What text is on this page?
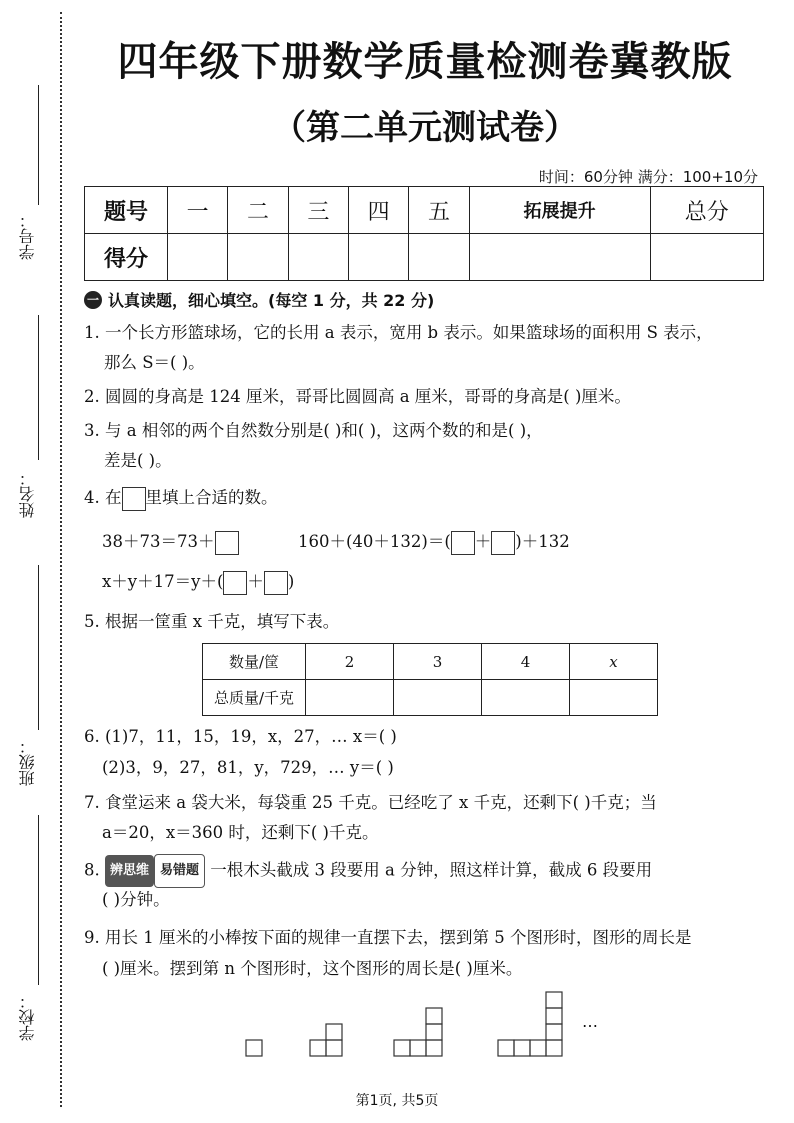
学号：
姓名：
班级：
学校：
四年级下册数学质量检测卷冀教版
（第二单元测试卷）
时间：60分钟 满分：100+10分
题号	一	二	三	四	五	拓展提升	总分
得分							
一 认真读题，细心填空。(每空 1 分，共 22 分)
1. 一个长方形篮球场，它的长用 a 表示，宽用 b 表示。如果篮球场的面积用 S 表示，
那么 S＝( )。
2. 圆圆的身高是 124 厘米，哥哥比圆圆高 a 厘米，哥哥的身高是( )厘米。
3. 与 a 相邻的两个自然数分别是( )和( )，这两个数的和是( )，
差是( )。
4. 在 里填上合适的数。
38＋73＝73＋	160＋(40＋132)＝( ＋ )＋132
x＋y＋17＝y＋( ＋ )
5. 根据一筐重 x 千克，填写下表。
数量/筐	2	3	4	x
总质量/千克				
6. (1)7，11，15，19，x，27，… x＝( )
(2)3，9，27，81，y，729，… y＝( )
7. 食堂运来 a 袋大米，每袋重 25 千克。已经吃了 x 千克，还剩下( )千克；当
a＝20，x＝360 时，还剩下( )千克。
8. 辨思维 易错题 一根木头截成 3 段要用 a 分钟，照这样计算，截成 6 段要用
( )分钟。
9. 用长 1 厘米的小棒按下面的规律一直摆下去，摆到第 5 个图形时，图形的周长是
( )厘米。摆到第 n 个图形时，这个图形的周长是( )厘米。
…
第1页, 共5页
